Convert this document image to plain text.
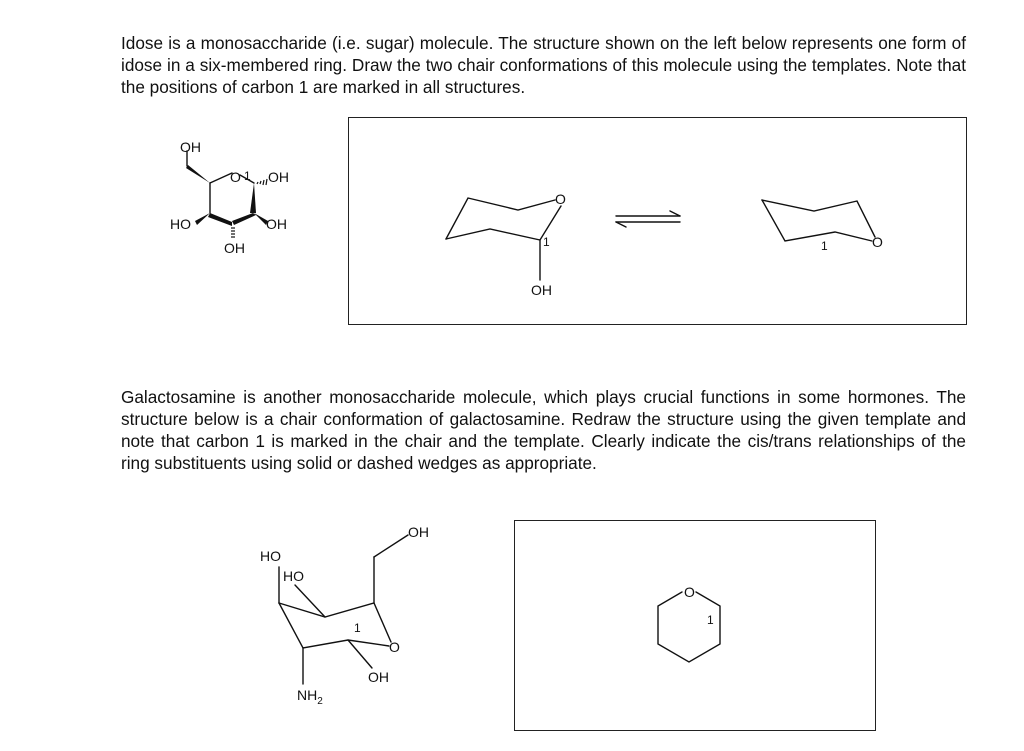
Idose is a monosaccharide (i.e. sugar) molecule. The structure shown on the left below represents one form of idose in a six-membered ring. Draw the two chair conformations of this molecule using the templates. Note that the positions of carbon 1 are marked in all structures.

OH
O 1 OH
HO	OH
OH
O
1
OH
O
1

Galactosamine is another monosaccharide molecule, which plays crucial functions in some hormones. The structure below is a chair conformation of galactosamine. Redraw the structure using the given template and note that carbon 1 is marked in the chair and the template. Clearly indicate the cis/trans relationships of the ring substituents using solid or dashed wedges as appropriate.

OH
HO
HO
1
O
OH
$NH_2$
O
1
